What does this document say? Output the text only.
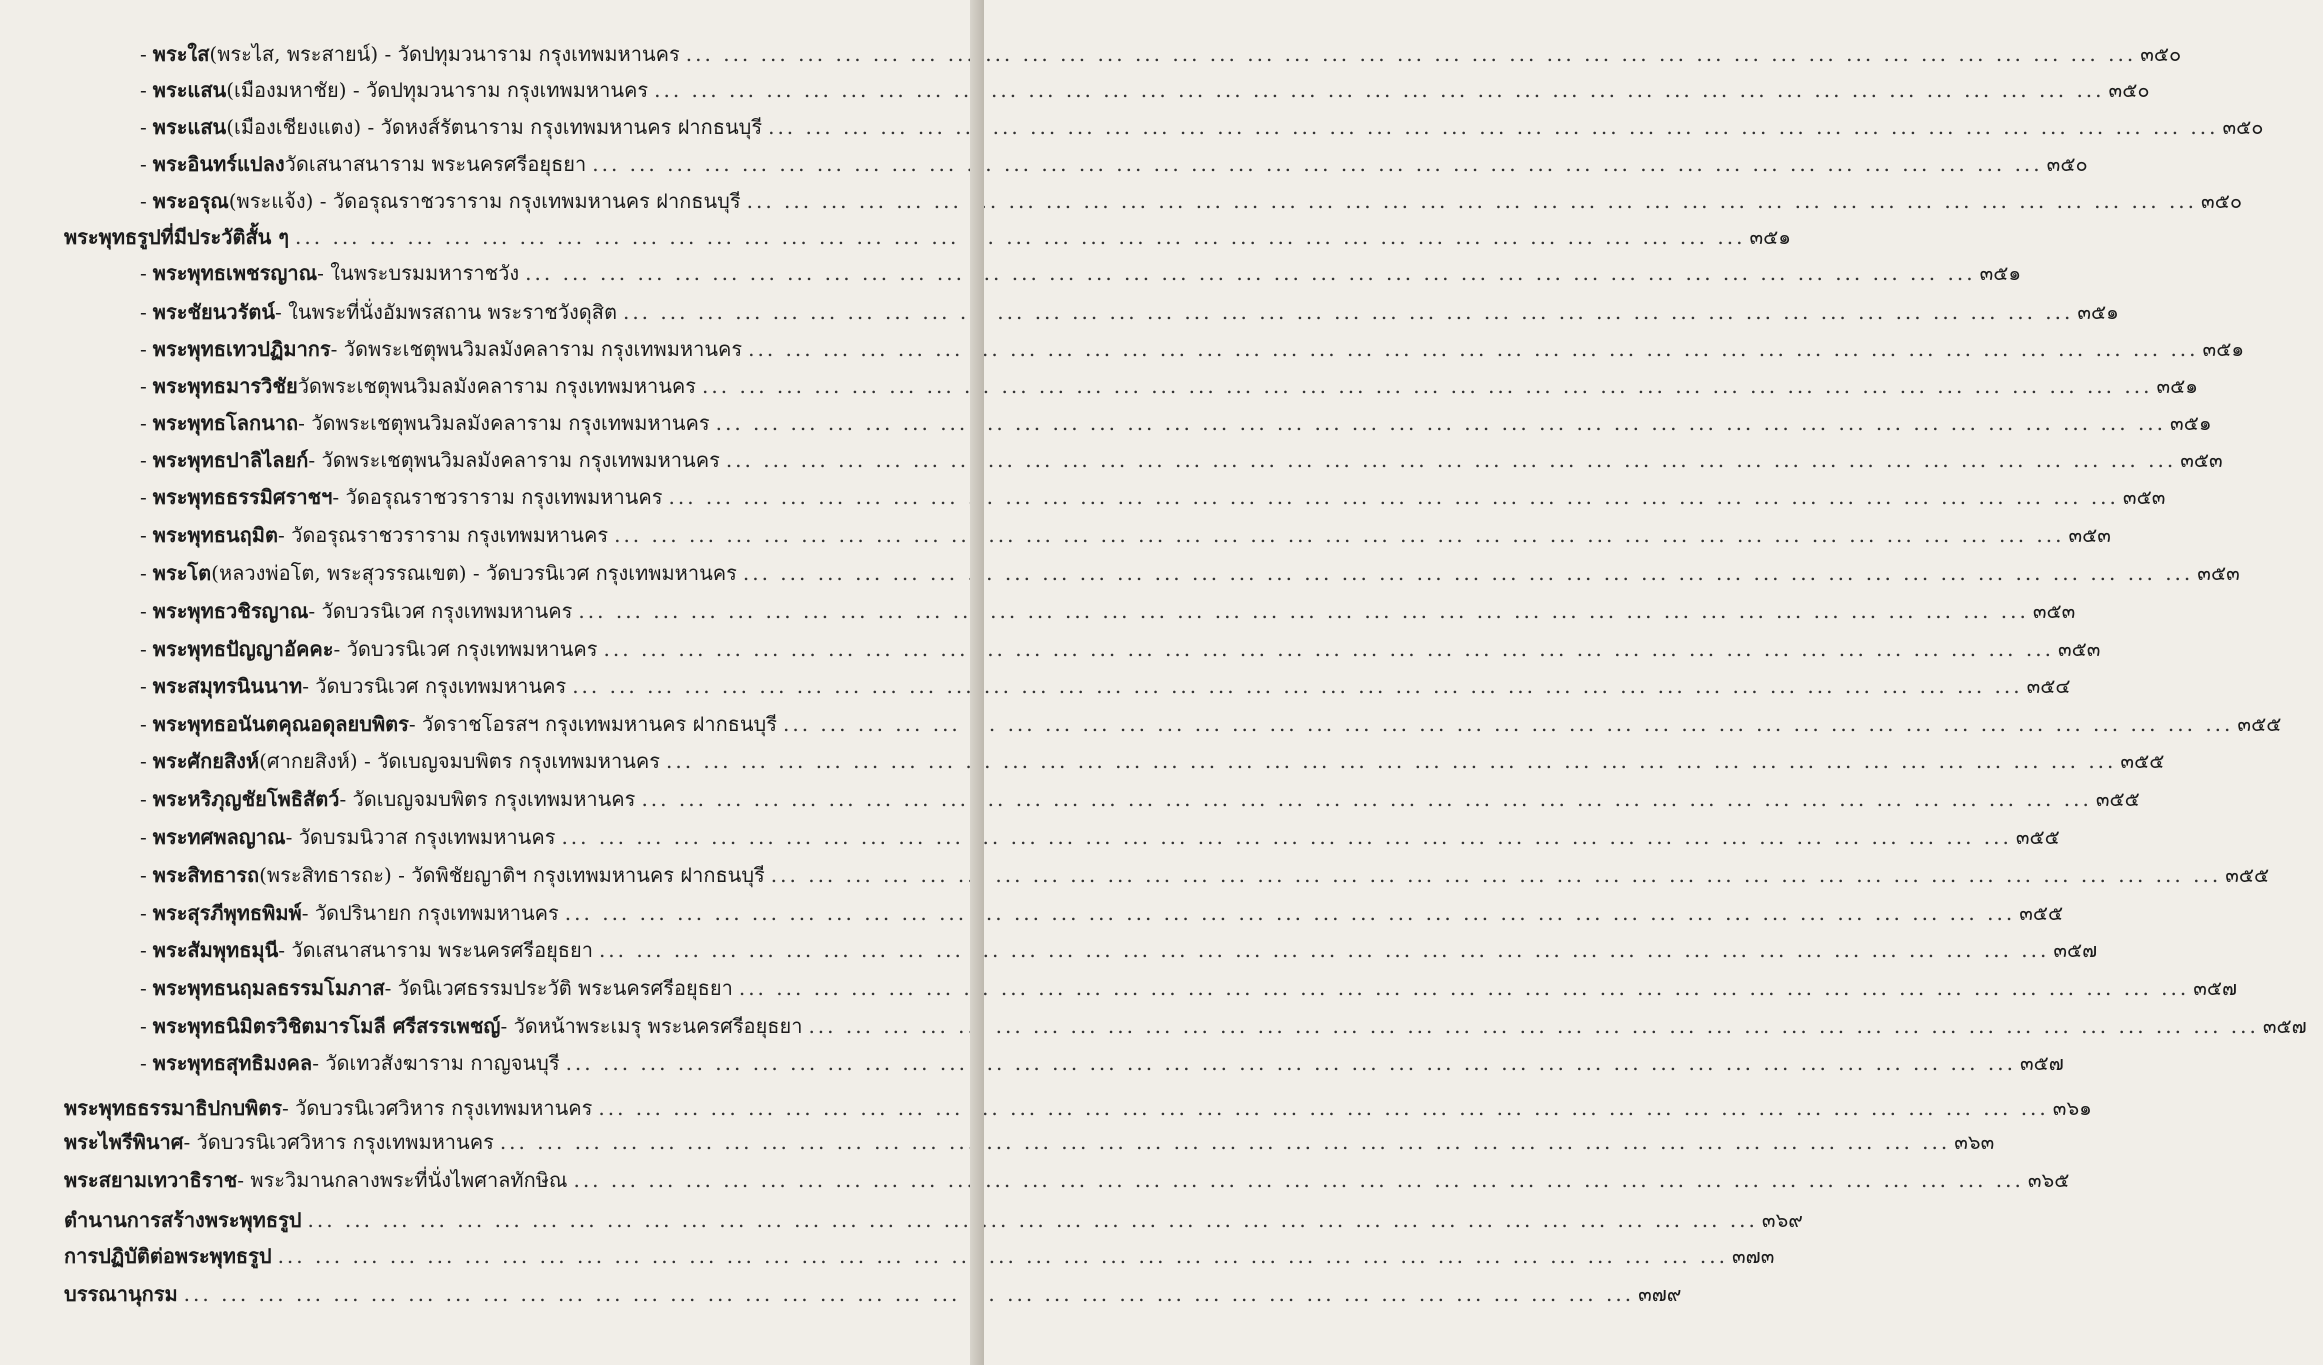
- พระใส (พระไส, พระสายน์) - วัดปทุมวนาราม กรุงเทพมหานคร ... .	๓๕๐
- พระแสน (เมืองมหาชัย) - วัดปทุมวนาราม กรุงเทพมหานคร ... .	๓๕๐
- พระแสน (เมืองเชียงแตง) - วัดหงส์รัตนาราม กรุงเทพมหานคร ฝากธนบุรี ... .	๓๕๐
- พระอินทร์แปลง วัดเสนาสนาราม พระนครศรีอยุธยา ... .	๓๕๐
- พระอรุณ (พระแจ้ง) - วัดอรุณราชวราราม กรุงเทพมหานคร ฝากธนบุรี ... .	๓๕๐
พระพุทธรูปที่มีประวัติสั้น ๆ ... .	๓๕๑
- พระพุทธเพชรญาณ - ในพระบรมมหาราชวัง ... .	๓๕๑
- พระชัยนวรัตน์ - ในพระที่นั่งอัมพรสถาน พระราชวังดุสิต ... .	๓๕๑
- พระพุทธเทวปฏิมากร - วัดพระเชตุพนวิมลมังคลาราม กรุงเทพมหานคร ... .	๓๕๑
- พระพุทธมารวิชัย วัดพระเชตุพนวิมลมังคลาราม กรุงเทพมหานคร ... .	๓๕๑
- พระพุทธโลกนาถ - วัดพระเชตุพนวิมลมังคลาราม กรุงเทพมหานคร ... .	๓๕๑
- พระพุทธปาลิไลยก์ - วัดพระเชตุพนวิมลมังคลาราม กรุงเทพมหานคร ... .	๓๕๓
- พระพุทธธรรมิศราชฯ - วัดอรุณราชวราราม กรุงเทพมหานคร ... .	๓๕๓
- พระพุทธนฤมิต - วัดอรุณราชวราราม กรุงเทพมหานคร ... .	๓๕๓
- พระโต (หลวงพ่อโต, พระสุวรรณเขต) - วัดบวรนิเวศ กรุงเทพมหานคร ... .	๓๕๓
- พระพุทธวชิรญาณ - วัดบวรนิเวศ กรุงเทพมหานคร ... .	๓๕๓
- พระพุทธปัญญาอัคคะ - วัดบวรนิเวศ กรุงเทพมหานคร ... .	๓๕๓
- พระสมุทรนินนาท - วัดบวรนิเวศ กรุงเทพมหานคร ... .	๓๕๔
- พระพุทธอนันตคุณอดุลยบพิตร - วัดราชโอรสฯ กรุงเทพมหานคร ฝากธนบุรี ... .	๓๕๕
- พระศักยสิงห์ (ศากยสิงห์) - วัดเบญจมบพิตร กรุงเทพมหานคร ... .	๓๕๕
- พระหริภุญชัยโพธิสัตว์ - วัดเบญจมบพิตร กรุงเทพมหานคร ... .	๓๕๕
- พระทศพลญาณ - วัดบรมนิวาส กรุงเทพมหานคร ... .	๓๕๕
- พระสิทธารถ (พระสิทธารถะ) - วัดพิชัยญาติฯ กรุงเทพมหานคร ฝากธนบุรี ... .	๓๕๕
- พระสุรภีพุทธพิมพ์ - วัดปรินายก กรุงเทพมหานคร ... .	๓๕๕
- พระสัมพุทธมุนี - วัดเสนาสนาราม พระนครศรีอยุธยา ... .	๓๕๗
- พระพุทธนฤมลธรรมโมภาส - วัดนิเวศธรรมประวัติ พระนครศรีอยุธยา ... .	๓๕๗
- พระพุทธนิมิตรวิชิตมารโมลี ศรีสรรเพชญ์ - วัดหน้าพระเมรุ พระนครศรีอยุธยา ... .	๓๕๗
- พระพุทธสุทธิมงคล - วัดเทวสังฆาราม กาญจนบุรี ... .	๓๕๗
พระพุทธธรรมาธิปกบพิตร - วัดบวรนิเวศวิหาร กรุงเทพมหานคร ... .	๓๖๑
พระไพรีพินาศ - วัดบวรนิเวศวิหาร กรุงเทพมหานคร ... .	๓๖๓
พระสยามเทวาธิราช - พระวิมานกลางพระที่นั่งไพศาลทักษิณ ... .	๓๖๕
ตำนานการสร้างพระพุทธรูป ... .	๓๖๙
การปฏิบัติต่อพระพุทธรูป ... .	๓๗๓
บรรณานุกรม ... .	๓๗๙
